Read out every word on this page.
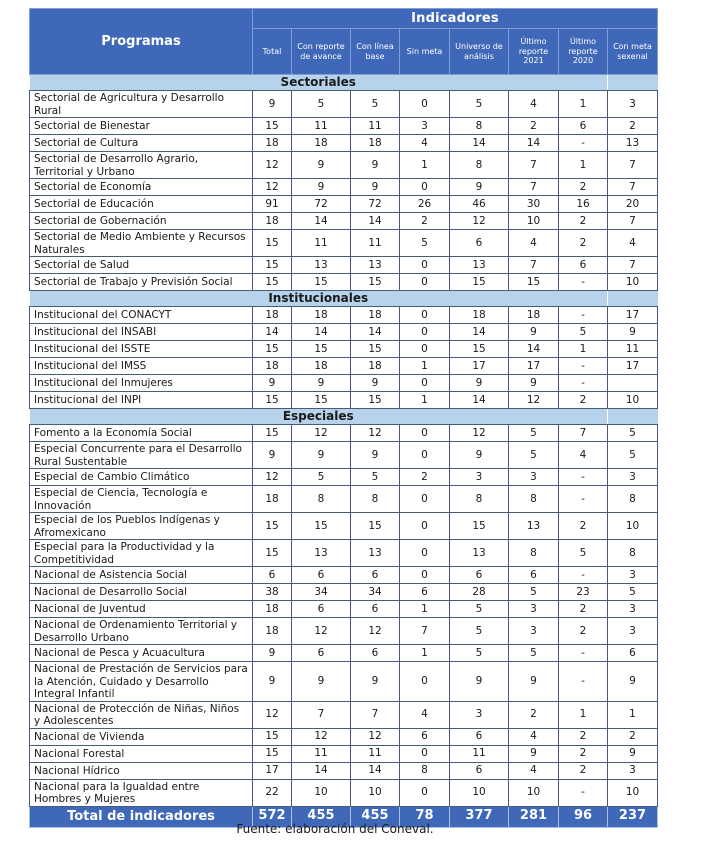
Programas	Indicadores							
	Total	Con reporte de avance	Con línea base	Sin meta	Universo de análisis	Último reporte 2021	Último reporte 2020	Con meta sexenal
Sectoriales								
Sectorial de Agricultura y Desarrollo Rural	9	5	5	0	5	4	1	3
Sectorial de Bienestar	15	11	11	3	8	2	6	2
Sectorial de Cultura	18	18	18	4	14	14	-	13
Sectorial de Desarrollo Agrario, Territorial y Urbano	12	9	9	1	8	7	1	7
Sectorial de Economía	12	9	9	0	9	7	2	7
Sectorial de Educación	91	72	72	26	46	30	16	20
Sectorial de Gobernación	18	14	14	2	12	10	2	7
Sectorial de Medio Ambiente y Recursos Naturales	15	11	11	5	6	4	2	4
Sectorial de Salud	15	13	13	0	13	7	6	7
Sectorial de Trabajo y Previsión Social	15	15	15	0	15	15	-	10
Institucionales								
Institucional del CONACYT	18	18	18	0	18	18	-	17
Institucional del INSABI	14	14	14	0	14	9	5	9
Institucional del ISSTE	15	15	15	0	15	14	1	11
Institucional del IMSS	18	18	18	1	17	17	-	17
Institucional del Inmujeres	9	9	9	0	9	9	-	
Institucional del INPI	15	15	15	1	14	12	2	10
Especiales								
Fomento a la Economía Social	15	12	12	0	12	5	7	5
Especial Concurrente para el Desarrollo Rural Sustentable	9	9	9	0	9	5	4	5
Especial de Cambio Climático	12	5	5	2	3	3	-	3
Especial de Ciencia, Tecnología e Innovación	18	8	8	0	8	8	-	8
Especial de los Pueblos Indígenas y Afromexicano	15	15	15	0	15	13	2	10
Especial para la Productividad y la Competitividad	15	13	13	0	13	8	5	8
Nacional de Asistencia Social	6	6	6	0	6	6	-	3
Nacional de Desarrollo Social	38	34	34	6	28	5	23	5
Nacional de Juventud	18	6	6	1	5	3	2	3
Nacional de Ordenamiento Territorial y Desarrollo Urbano	18	12	12	7	5	3	2	3
Nacional de Pesca y Acuacultura	9	6	6	1	5	5	-	6
Nacional de Prestación de Servicios para la Atención, Cuidado y Desarrollo Integral Infantil	9	9	9	0	9	9	-	9
Nacional de Protección de Niñas, Niños y Adolescentes	12	7	7	4	3	2	1	1
Nacional de Vivienda	15	12	12	6	6	4	2	2
Nacional Forestal	15	11	11	0	11	9	2	9
Nacional Hídrico	17	14	14	8	6	4	2	3
Nacional para la Igualdad entre Hombres y Mujeres	22	10	10	0	10	10	-	10
Total de indicadores	572	455	455	78	377	281	96	237
Fuente: elaboración del Coneval.
